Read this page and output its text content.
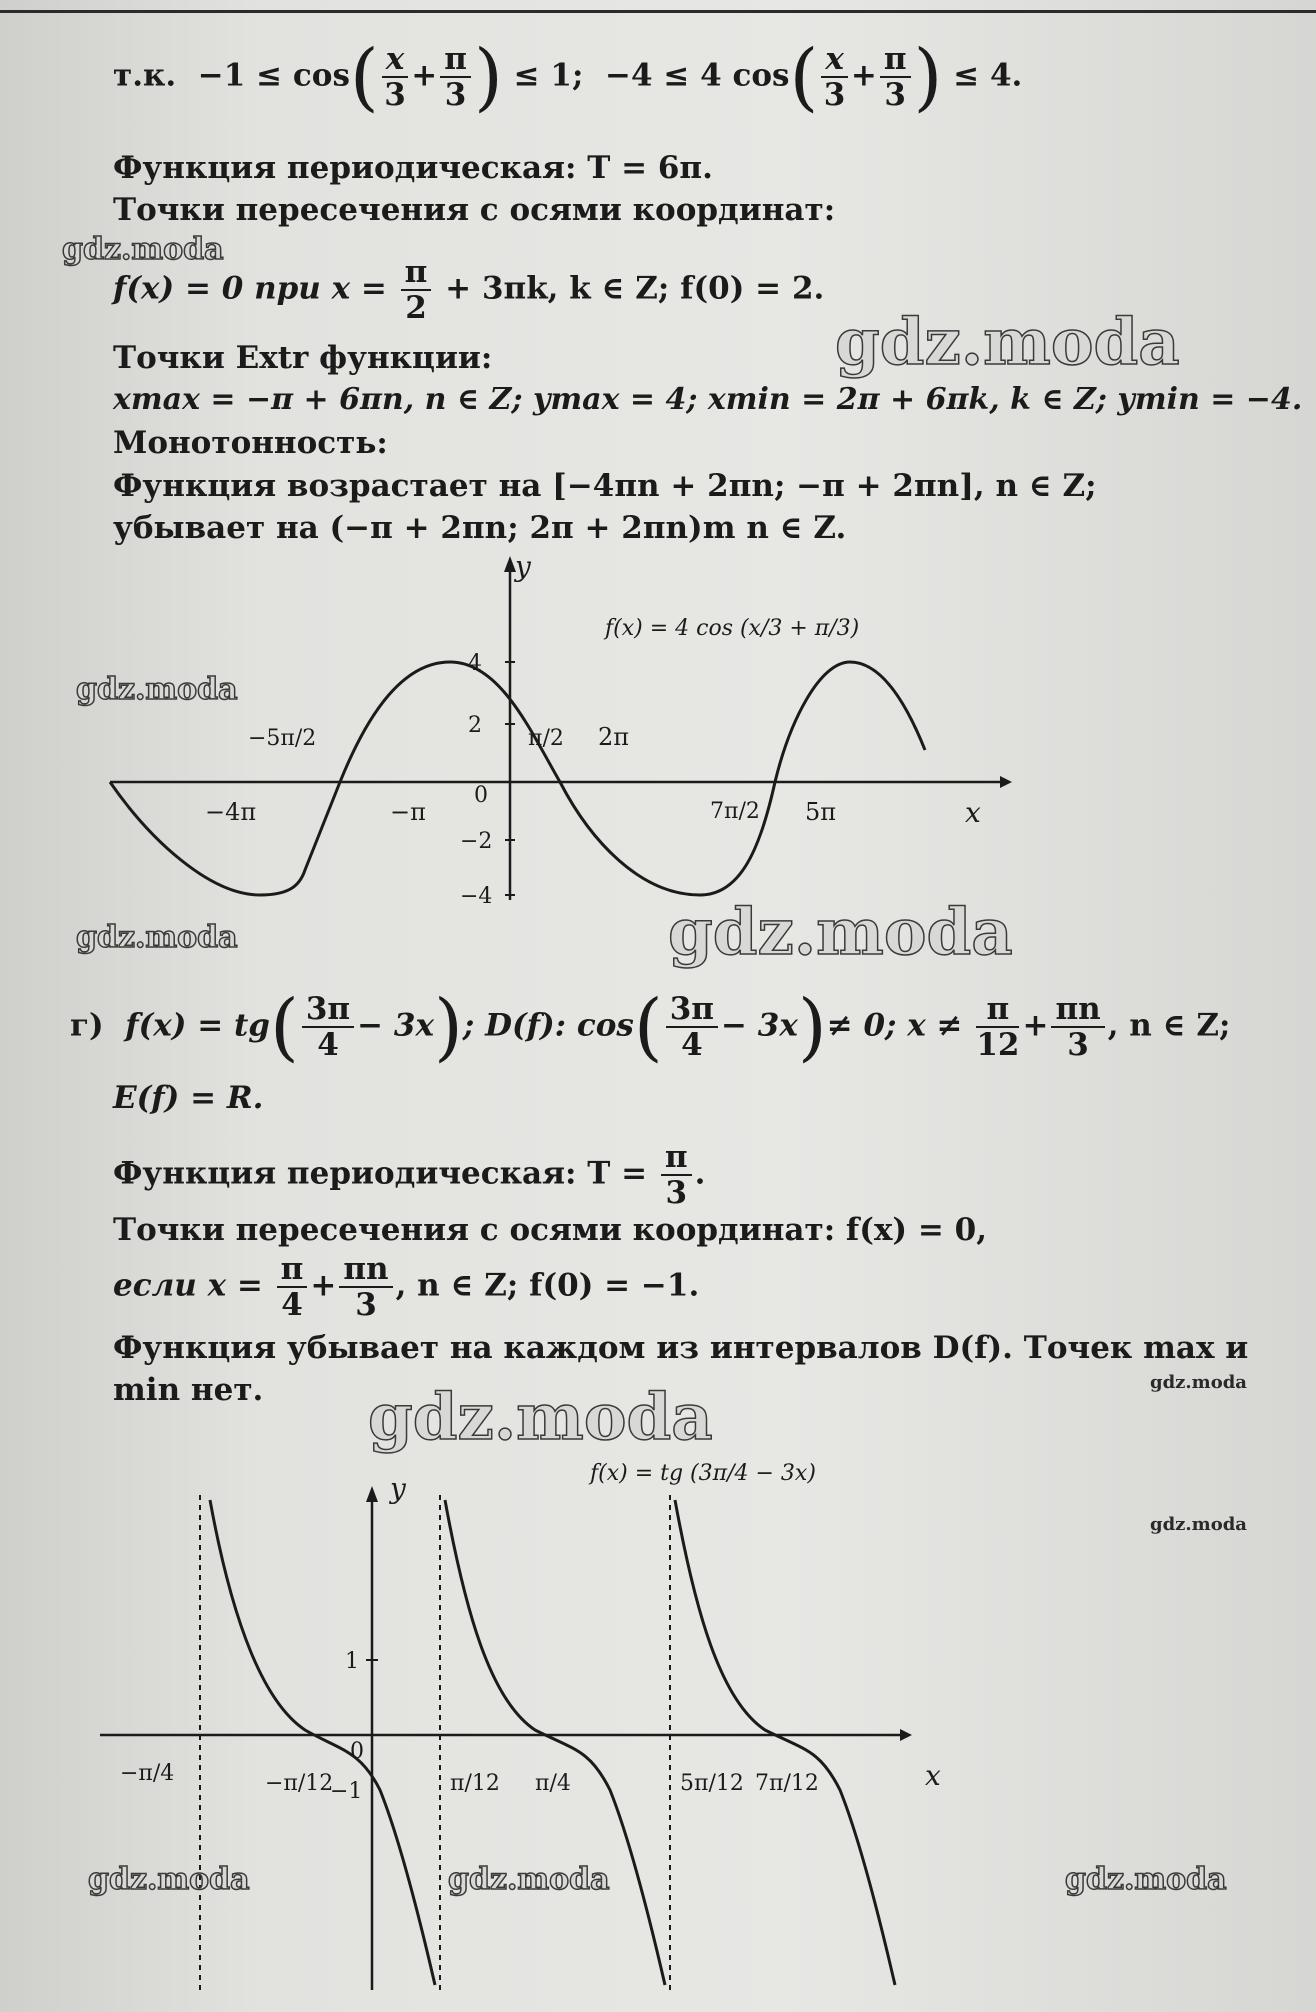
т.к. $-1 \le \cos( \frac{x}{3} + \frac{\pi}{3}$ ) ≤ 1; −4 ≤ 4 $\cos( \frac{x}{3} + \frac{\pi}{3}$ ) ≤ 4.
Функция периодическая: T = 6π.
Точки пересечения с осями координат:
f(x) = 0 при $x = \frac{\pi}{2} + 3\pi k$, k ∈ Z; f(0) = 2.
Точки Extr функции:
xmax = −π + 6πn, n ∈ Z; ymax = 4; xmin = 2π + 6πk, k ∈ Z; ymin = −4.
Монотонность:
Функция возрастает на [−4πn + 2πn; −π + 2πn], n ∈ Z;
убывает на (−π + 2πn; 2π + 2πn)m n ∈ Z.
y
x
f(x) = 4 cos (x/3 + π/3)
4
2
0
−2
−4
−4π
−5π/2
−π
π/2 2π
7π/2 5π
г) $f(x) = tg( \frac{3\pi}{4} - 3x)$; D(f): $\cos( \frac{3\pi}{4} - 3x)\ne 0$; $x \ne \frac{\pi}{12} + \frac{\pi n}{3}$ , n ∈ Z;
E(f) = R.
Функция периодическая: $T = \frac{\pi}{3}$ .
Точки пересечения с осями координат: f(x) = 0,
если $x = \frac{\pi}{4} + \frac{\pi n}{3}$ , n ∈ Z; f(0) = −1.
Функция убывает на каждом из интервалов D(f). Точек max и
min нет.
y
x
f(x) = tg (3π/4 − 3x)
1
0
−1
−π/4	−π/12	π/12 π/4	5π/12 7π/12
gdz.moda
gdz.moda
gdz.moda
gdz.moda
gdz.moda
gdz.moda
gdz.moda
gdz.moda
gdz.moda	gdz.moda	gdz.moda
